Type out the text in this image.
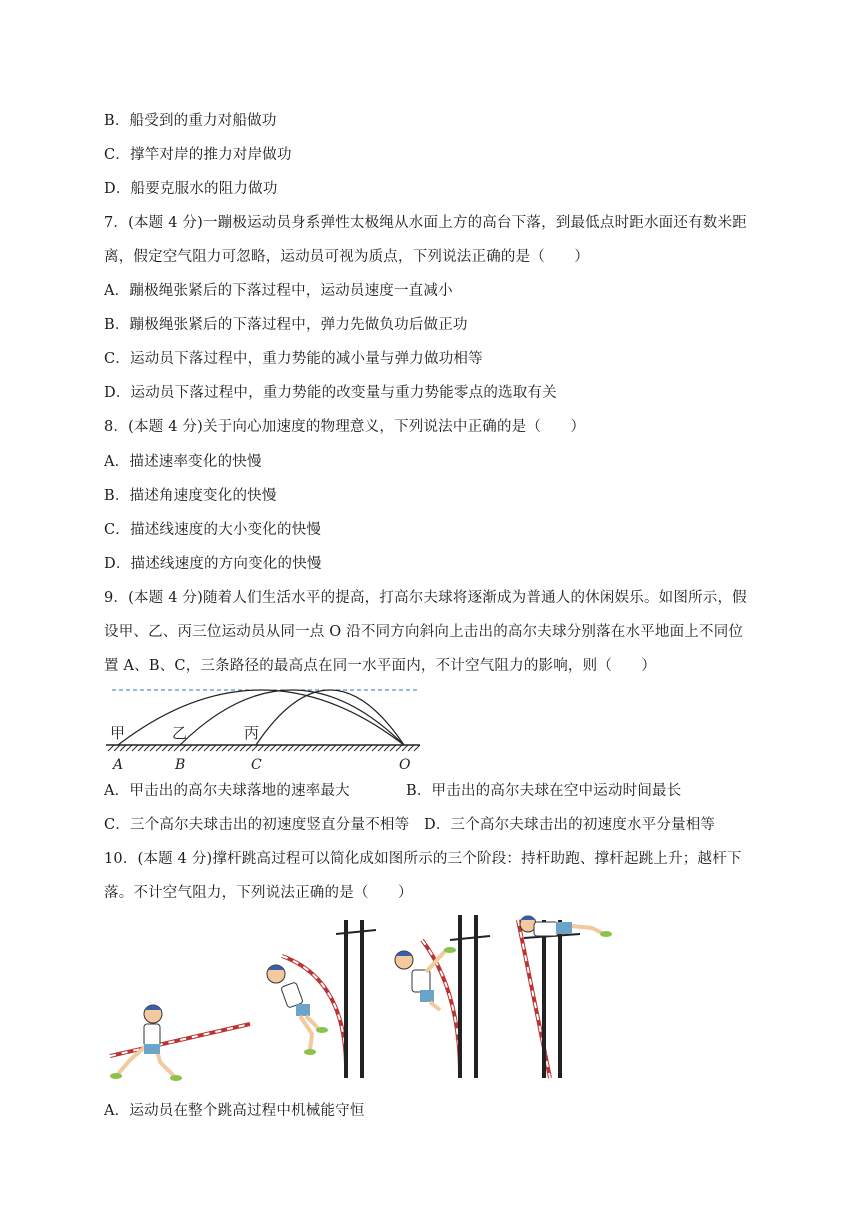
B．船受到的重力对船做功
C．撑竿对岸的推力对岸做功
D．船要克服水的阻力做功
7．(本题 4 分)一蹦极运动员身系弹性太极绳从水面上方的高台下落，到最低点时距水面还有数米距
离，假定空气阻力可忽略，运动员可视为质点，下列说法正确的是（　　）
A．蹦极绳张紧后的下落过程中，运动员速度一直减小
B．蹦极绳张紧后的下落过程中，弹力先做负功后做正功
C．运动员下落过程中，重力势能的减小量与弹力做功相等
D．运动员下落过程中，重力势能的改变量与重力势能零点的选取有关
8．(本题 4 分)关于向心加速度的物理意义，下列说法中正确的是（　　）
A．描述速率变化的快慢
B．描述角速度变化的快慢
C．描述线速度的大小变化的快慢
D．描述线速度的方向变化的快慢
9．(本题 4 分)随着人们生活水平的提高，打高尔夫球将逐渐成为普通人的休闲娱乐。如图所示，假
设甲、乙、丙三位运动员从同一点 O 沿不同方向斜向上击出的高尔夫球分别落在水平地面上不同位
置 A、B、C，三条路径的最高点在同一水平面内，不计空气阻力的影响，则（　　）
甲	乙	丙
A	B	C	O
A．甲击出的高尔夫球落地的速率最大	B．甲击出的高尔夫球在空中运动时间最长
C．三个高尔夫球击出的初速度竖直分量不相等 D．三个高尔夫球击出的初速度水平分量相等
10．(本题 4 分)撑杆跳高过程可以简化成如图所示的三个阶段：持杆助跑、撑杆起跳上升；越杆下
落。不计空气阻力，下列说法正确的是（　　）
A．运动员在整个跳高过程中机械能守恒
